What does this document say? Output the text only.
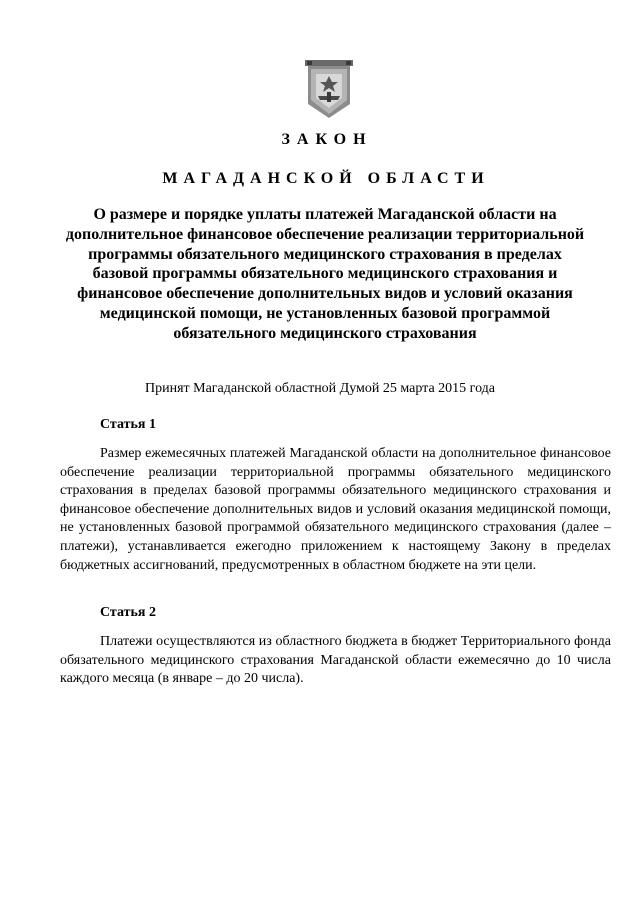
ЗАКОН
МАГАДАНСКОЙ ОБЛАСТИ
О размере и порядке уплаты платежей Магаданской области на дополнительное финансовое обеспечение реализации территориальной программы обязательного медицинского страхования в пределах базовой программы обязательного медицинского страхования и финансовое обеспечение дополнительных видов и условий оказания медицинской помощи, не установленных базовой программой обязательного медицинского страхования
Принят Магаданской областной Думой 25 марта 2015 года
Статья 1

Размер ежемесячных платежей Магаданской области на дополнительное финансовое обеспечение реализации территориальной программы обязательного медицинского страхования в пределах базовой программы обязательного медицинского страхования и финансовое обеспечение дополнительных видов и условий оказания медицинской помощи, не установленных базовой программой обязательного медицинского страхования (далее – платежи), устанавливается ежегодно приложением к настоящему Закону в пределах бюджетных ассигнований, предусмотренных в областном бюджете на эти цели.

Статья 2

Платежи осуществляются из областного бюджета в бюджет Территориального фонда обязательного медицинского страхования Магаданской области ежемесячно до 10 числа каждого месяца (в январе – до 20 числа).
